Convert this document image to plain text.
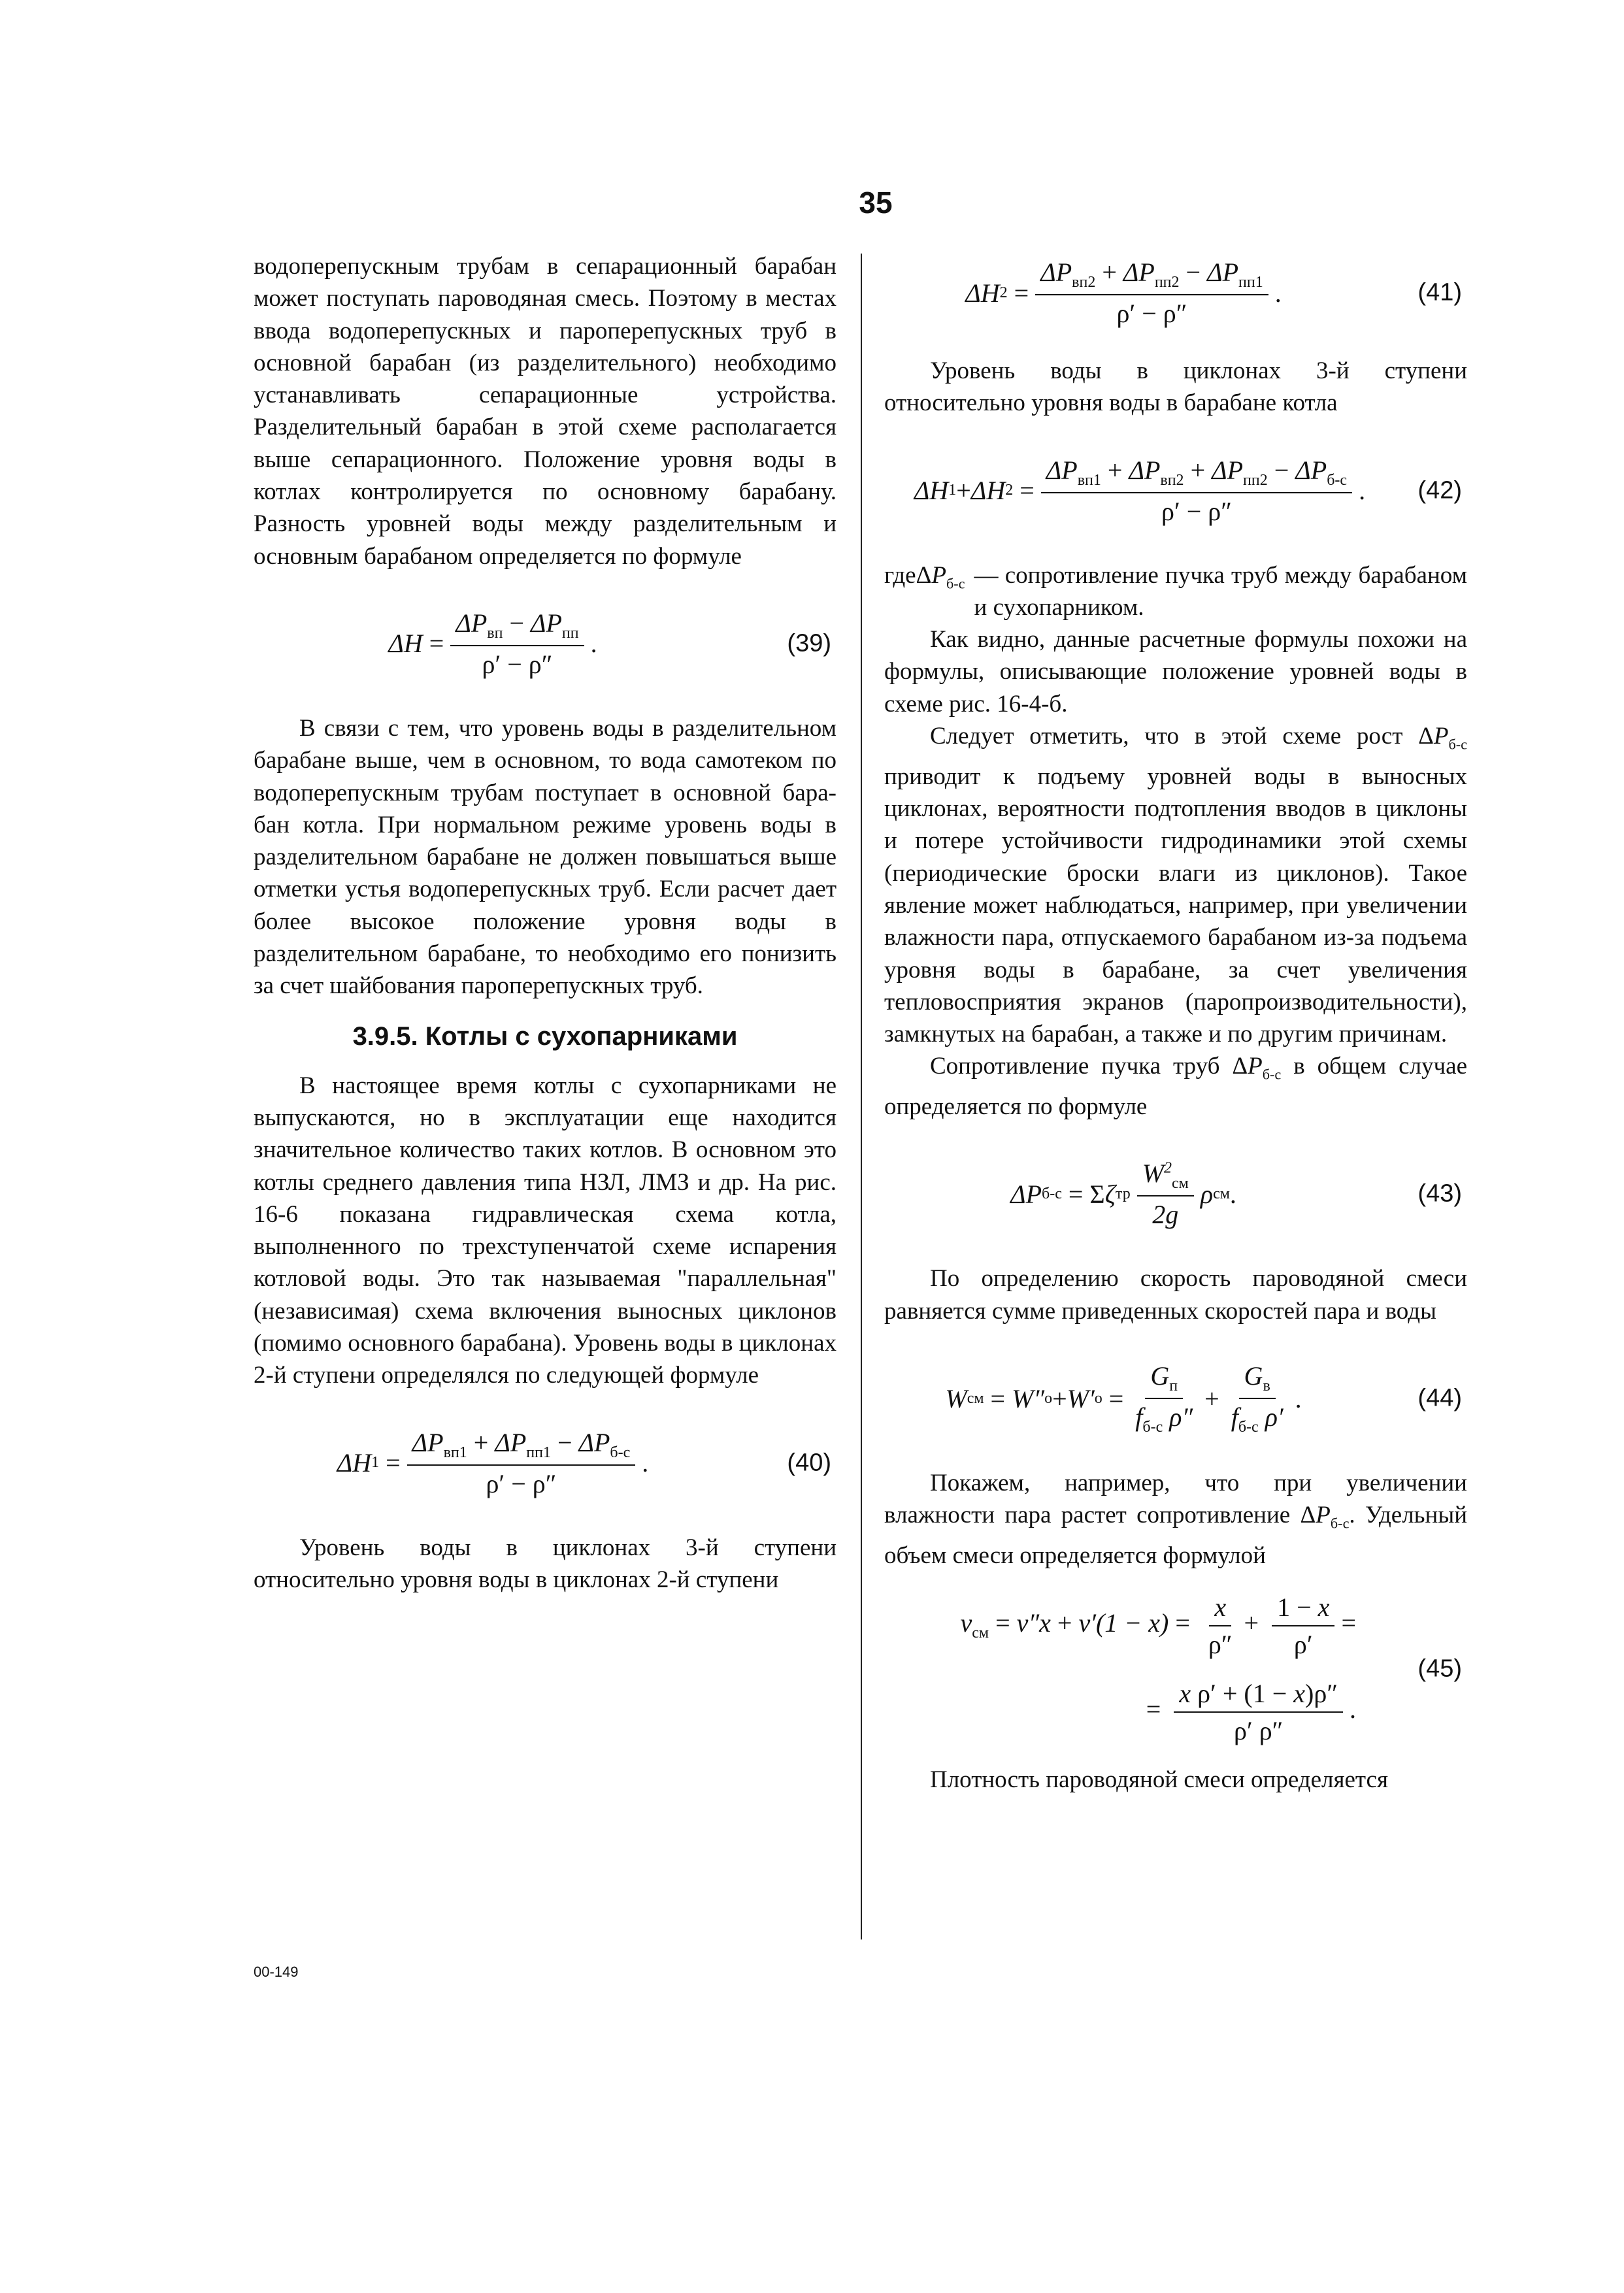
35

водоперепускным трубам в сепарационный барабан может поступать пароводяная смесь. Поэтому в местах ввода водоперепускных и пароперепускных труб в основной барабан (из разделительного) необходимо устанавливать сепарационные устройства. Разделительный барабан в этой схеме располагается выше сепарационного. Положение уровня воды в котлах контролируется по основному барабану. Разность уровней воды между разделительным и основным барабаном определяется по формуле

Δ H
= $\frac{\Delta P_{вп} - \Delta P_{пп}}{\rho' - \rho''}$ .	(39)

В связи с тем, что уровень воды в разделительном барабане выше, чем в основном, то вода самотеком по водоперепускным трубам поступает в основной барабан котла. При нормальном режиме уровень воды в разделительном барабане не должен повышаться выше отметки устья водоперепускных труб. Если расчет дает более высокое положение уровня воды в разделительном барабане, то необходимо его понизить за счет шайбования пароперепускных труб.

3.9.5. Котлы с сухопарниками

В настоящее время котлы с сухопарниками не выпускаются, но в эксплуатации еще находится значительное количество таких котлов. В основном это котлы среднего давления типа НЗЛ, ЛМЗ и др. На рис. 16-6 показана гидравлическая схема котла, выполненного по трехступенчатой схеме испарения котловой воды. Это так называемая "параллельная" (независимая) схема включения выносных циклонов (помимо основного барабана). Уровень воды в циклонах 2-й ступени определялся по следующей формуле

Δ H 1
= $\frac{\Delta P_{вп1} + \Delta P_{пп1} - \Delta P_{б-с}}{\rho' - \rho''}$ .	(40)

Уровень воды в циклонах 3-й ступени относительно уровня воды в циклонах 2-й ступени

Δ H 2
= $\frac{\Delta P_{вп2} + \Delta P_{пп2} - \Delta P_{пп1}}{\rho' - \rho''}$ .	(41)

Уровень воды в циклонах 3-й ступени относительно уровня воды в барабане котла

Δ H 1 + Δ H 2
= $\frac{\Delta P_{вп1} + \Delta P_{вп2} + \Delta P_{пп2} - \Delta P_{б-с}}{\rho' - \rho''}$ . (42)
гдеΔP$_{б-с}$ — сопротивление пучка труб между барабаном и сухопарником.

Как видно, данные расчетные формулы похожи на формулы, описывающие положение уровней воды в схеме рис. 16-4-б.

Следует отметить, что в этой схеме рост $\Delta P_{б-с}$ приводит к подъему уровней воды в выносных циклонах, вероятности подтопления вводов в циклоны и потере устойчивости гидродинамики этой схемы (периодические броски влаги из циклонов). Такое явление может наблюдаться, например, при увеличении влажности пара, отпускаемого барабаном из-за подъема уровня воды в барабане, за счет увеличения тепловосприятия экранов (паропроизводительности), замкнутых на барабан, а также и по другим причинам.

Сопротивление пучка труб $\Delta P_{б-с}$ в общем случае определяется по формуле

Δ P б-с
=
Σ ζ тр $\frac{W^2_{см}}{2g}$ ρ см .	(43)

По определению скорость пароводяной смеси равняется сумме приведенных скоростей пара и воды

W см
=
W ″ о + W ′ о
= $\frac{G_п}{f_{б-с} \rho''} + \frac{G_в}{f_{б-с} \rho'}$ .	(44)

Покажем, например, что при увеличении влажности пара растет сопротивление $\Delta P_{б-с}$. Удельный объем смеси определяется формулой

$v_{см} = v''x + v'(1 - x) = \frac{x}{\rho''} + \frac{1 - x}{\rho'}$ =
= $\frac{\text{x ρ′ + (1 − x)ρ″}}{\rho' \rho''}$ .
(45)

Плотность пароводяной смеси определяется

00-149
